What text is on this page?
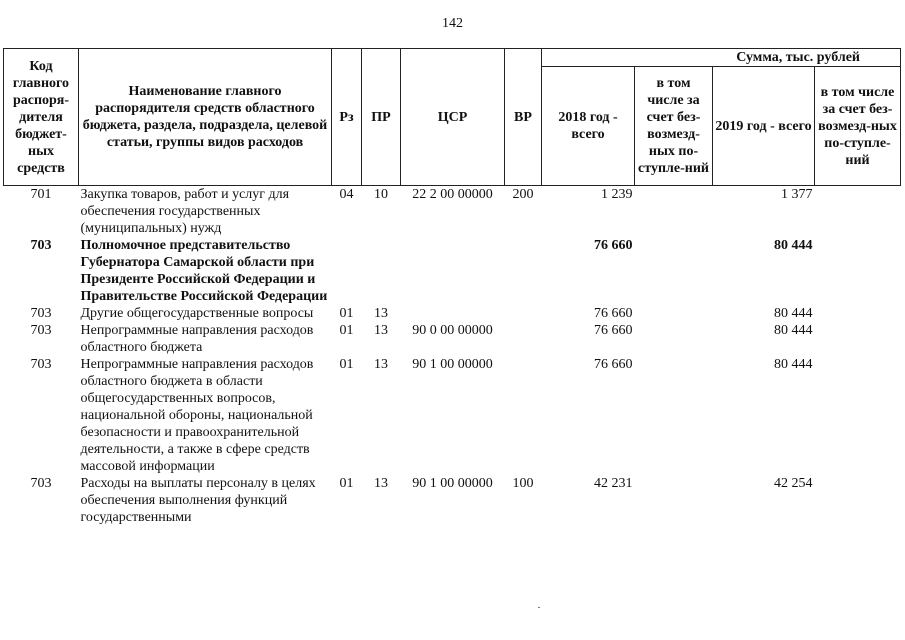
142
Код главного распоря-дителя бюджет-ных средств	Наименование главного распорядителя средств областного бюджета, раздела, подраздела, целевой статьи, группы видов расходов	Рз	ПР	ЦСР	ВР	Сумма, тыс. рублей			
						2018 год - всего	в том числе за счет без-возмезд-ных по-ступле-ний	2019 год - всего	в том числе за счет без-возмезд-ных по-ступле-ний
701	Закупка товаров, работ и услуг для обеспечения государственных (муниципальных) нужд	04	10	22 2 00 00000	200	1 239		1 377	
703	Полномочное представительство Губернатора Самарской области при Президенте Российской Федерации и Правительстве Российской Федерации					76 660		80 444	
703	Другие общегосударственные вопросы	01	13			76 660		80 444	
703	Непрограммные направления расходов областного бюджета	01	13	90 0 00 00000		76 660		80 444	
703	Непрограммные направления расходов областного бюджета в области общегосударственных вопросов, национальной обороны, национальной безопасности и правоохранительной деятельности, а также в сфере средств массовой информации	01	13	90 1 00 00000		76 660		80 444	
703	Расходы на выплаты персоналу в целях обеспечения выполнения функций государственными	01	13	90 1 00 00000	100	42 231		42 254	
